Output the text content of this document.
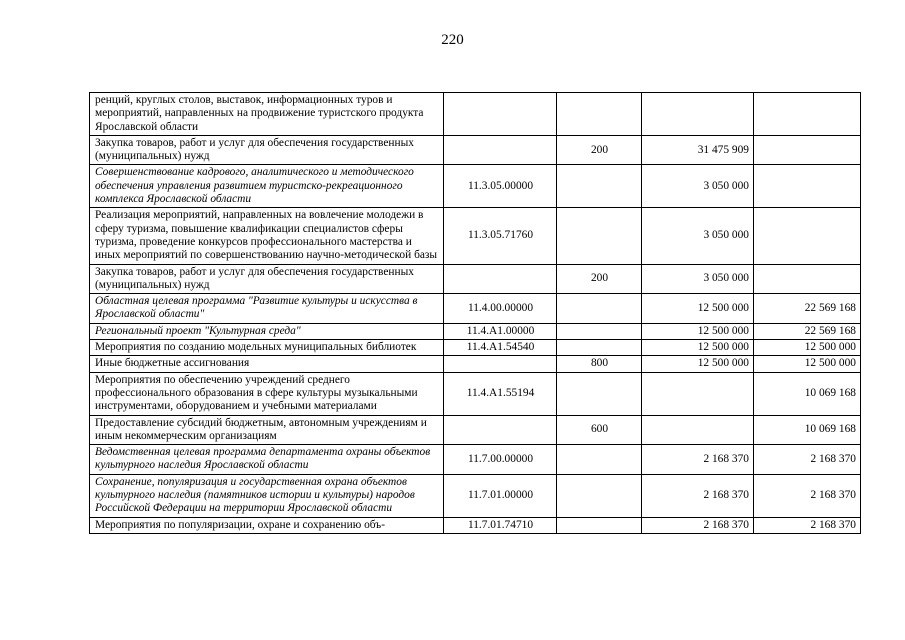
220
ренций, круглых столов, выставок, информационных туров и мероприятий, направленных на продвижение туристского продукта Ярославской области				
Закупка товаров, работ и услуг для обеспечения государственных (муниципальных) нужд		200	31 475 909	
Совершенствование кадрового, аналитического и методического обеспечения управления развитием туристско-рекреационного комплекса Ярославской области	11.3.05.00000		3 050 000	
Реализация мероприятий, направленных на вовлечение молодежи в сферу туризма, повышение квалификации специалистов сферы туризма, проведение конкурсов профессионального мастерства и иных мероприятий по совершенствованию научно-методической базы	11.3.05.71760		3 050 000	
Закупка товаров, работ и услуг для обеспечения государственных (муниципальных) нужд		200	3 050 000	
Областная целевая программа "Развитие культуры и искусства в Ярославской области"	11.4.00.00000		12 500 000	22 569 168
Региональный проект "Культурная среда"	11.4.A1.00000		12 500 000	22 569 168
Мероприятия по созданию модельных муниципальных библиотек	11.4.A1.54540		12 500 000	12 500 000
Иные бюджетные ассигнования		800	12 500 000	12 500 000
Мероприятия по обеспечению учреждений среднего профессионального образования в сфере культуры музыкальными инструментами, оборудованием и учебными материалами	11.4.A1.55194			10 069 168
Предоставление субсидий бюджетным, автономным учреждениям и иным некоммерческим организациям		600		10 069 168
Ведомственная целевая программа департамента охраны объектов культурного наследия Ярославской области	11.7.00.00000		2 168 370	2 168 370
Сохранение, популяризация и государственная охрана объектов культурного наследия (памятников истории и культуры) народов Российской Федерации на территории Ярославской области	11.7.01.00000		2 168 370	2 168 370
Мероприятия по популяризации, охране и сохранению объ-	11.7.01.74710		2 168 370	2 168 370
